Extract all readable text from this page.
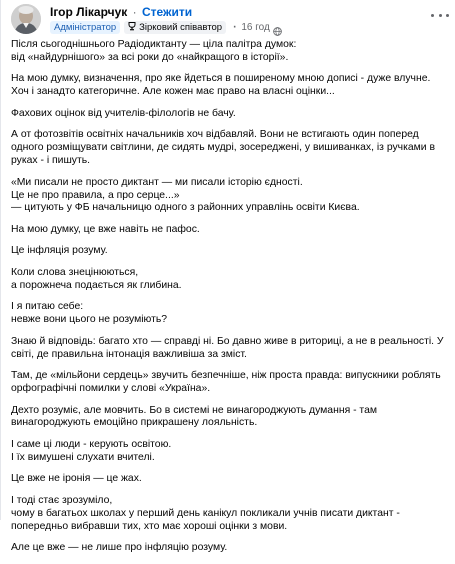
Ігор Лікарчук · Стежити
Адміністратор Зірковий співавтор · 16 год

Після сьогоднішнього Радіодиктанту — ціла палітра думок:
від «найдурнішого» за всі роки до «найкращого в історії».

На мою думку, визначення, про яке йдеться в поширеному мною дописі - дуже влучне.
Хоч і занадто категоричне. Але кожен має право на власні оцінки...

Фахових оцінок від учителів-філологів не бачу.

А от фотозвітів освітніх начальників хоч відбавляй. Вони не встигають один поперед
одного розміщувати світлини, де сидять мудрі, зосереджені, у вишиванках, із ручками в
руках - і пишуть.

«Ми писали не просто диктант — ми писали історію єдності.
Це не про правила, а про серце...»
— цитують у ФБ начальницю одного з районних управлінь освіти Києва.

На мою думку, це вже навіть не пафос.

Це інфляція розуму.

Коли слова знецінюються,
а порожнеча подається як глибина.

І я питаю себе:
невже вони цього не розуміють?

Знаю й відповідь: багато хто — справді ні. Бо давно живе в риториці, а не в реальності. У
світі, де правильна інтонація важливіша за зміст.

Там, де «мільйони сердець» звучить безпечніше, ніж проста правда: випускники роблять
орфографічні помилки у слові «Україна».

Дехто розуміє, але мовчить. Бо в системі не винагороджують думання - там
винагороджують емоційно прикрашену лояльність.

І саме ці люди - керують освітою.
І їх вимушені слухати вчителі.

Це вже не іронія — це жах.

І тоді стає зрозуміло,
чому в багатьох школах у перший день канікул покликали учнів писати диктант -
попередньо вибравши тих, хто має хороші оцінки з мови.

Але це вже — не лише про інфляцію розуму.
